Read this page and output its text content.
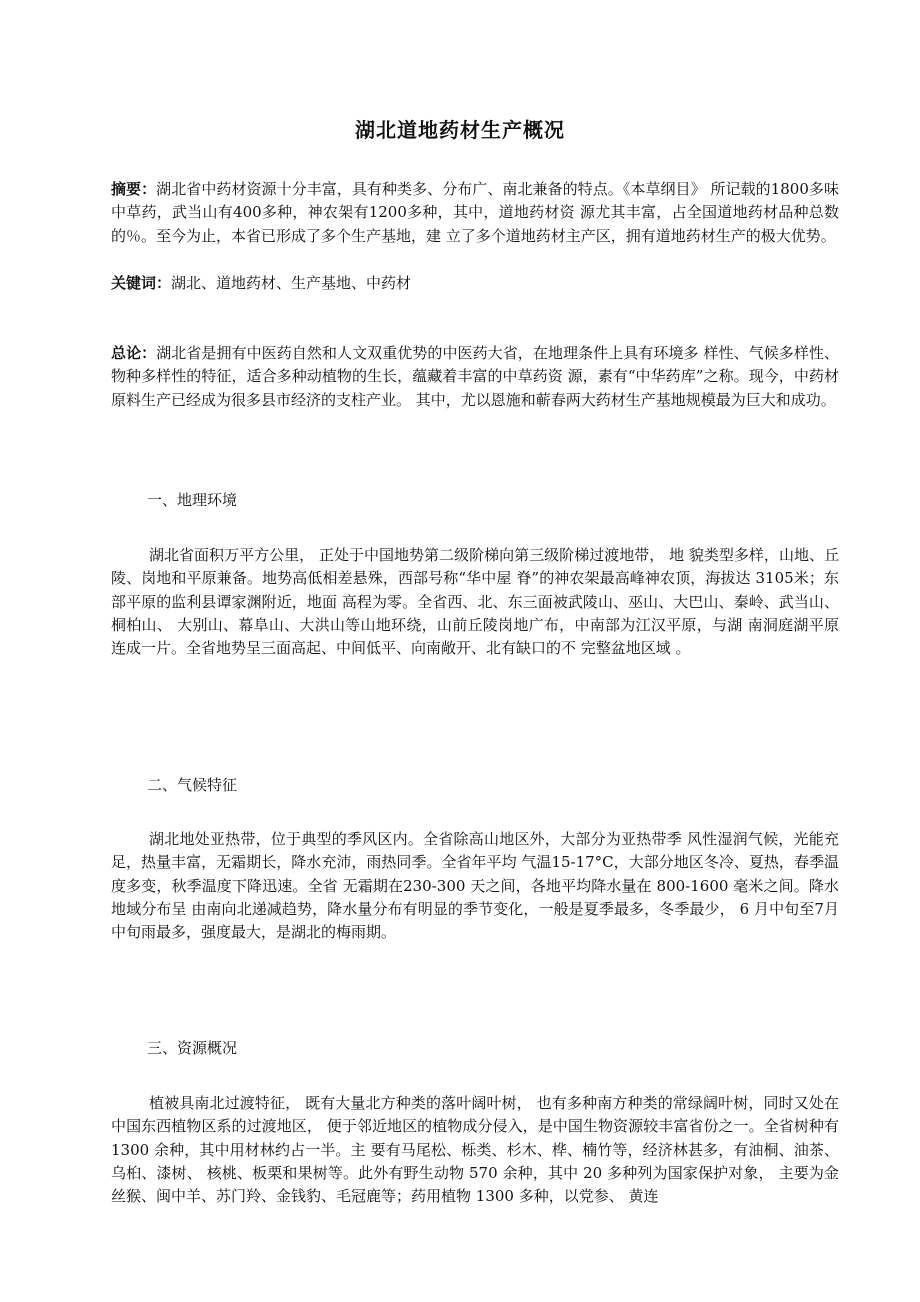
湖北道地药材生产概况
摘要：湖北省中药材资源十分丰富，具有种类多、分布广、南北兼备的特点。《本草纲目》 所记载的1800多味中草药，武当山有400多种，神农架有1200多种，其中，道地药材资 源尤其丰富，占全国道地药材品种总数的％。至今为止，本省已形成了多个生产基地，建 立了多个道地药材主产区，拥有道地药材生产的极大优势。
关键词：湖北、道地药材、生产基地、中药材
总论：湖北省是拥有中医药自然和人文双重优势的中医药大省，在地理条件上具有环境多 样性、气候多样性、物种多样性的特征，适合多种动植物的生长，蕴藏着丰富的中草药资 源，素有“中华药库”之称。现今，中药材原料生产已经成为很多县市经济的支柱产业。 其中，尤以恩施和蕲春两大药材生产基地规模最为巨大和成功。
一、地理环境
湖北省面积万平方公里， 正处于中国地势第二级阶梯向第三级阶梯过渡地带， 地 貌类型多样，山地、丘陵、岗地和平原兼备。地势高低相差悬殊，西部号称“华中屋 脊”的神农架最高峰神农顶，海拔达 3105米；东部平原的监利县谭家渊附近，地面 高程为零。全省西、北、东三面被武陵山、巫山、大巴山、秦岭、武当山、桐柏山、 大别山、幕阜山、大洪山等山地环绕，山前丘陵岗地广布，中南部为江汉平原，与湖 南洞庭湖平原连成一片。全省地势呈三面高起、中间低平、向南敞开、北有缺口的不 完整盆地区域 。
二、气候特征
湖北地处亚热带，位于典型的季风区内。全省除高山地区外，大部分为亚热带季 风性湿润气候，光能充足，热量丰富，无霜期长，降水充沛，雨热同季。全省年平均 气温15-17°C，大部分地区冬冷、夏热，春季温度多变，秋季温度下降迅速。全省 无霜期在230-300 天之间，各地平均降水量在 800-1600 毫米之间。降水地域分布呈 由南向北递减趋势，降水量分布有明显的季节变化，一般是夏季最多，冬季最少， 6 月中旬至7月中旬雨最多，强度最大，是湖北的梅雨期。
三、资源概况
植被具南北过渡特征， 既有大量北方种类的落叶阔叶树， 也有多种南方种类的常绿阔叶树，同时又处在中国东西植物区系的过渡地区， 便于邻近地区的植物成分侵入，是中国生物资源较丰富省份之一。全省树种有 1300 余种，其中用材林约占一半。主 要有马尾松、栎类、杉木、桦、楠竹等，经济林甚多，有油桐、油茶、乌桕、漆树、 核桃、板栗和果树等。此外有野生动物 570 余种，其中 20 多种列为国家保护对象， 主要为金丝猴、闽中羊、苏门羚、金钱豹、毛冠鹿等；药用植物 1300 多种，以党参、 黄连
